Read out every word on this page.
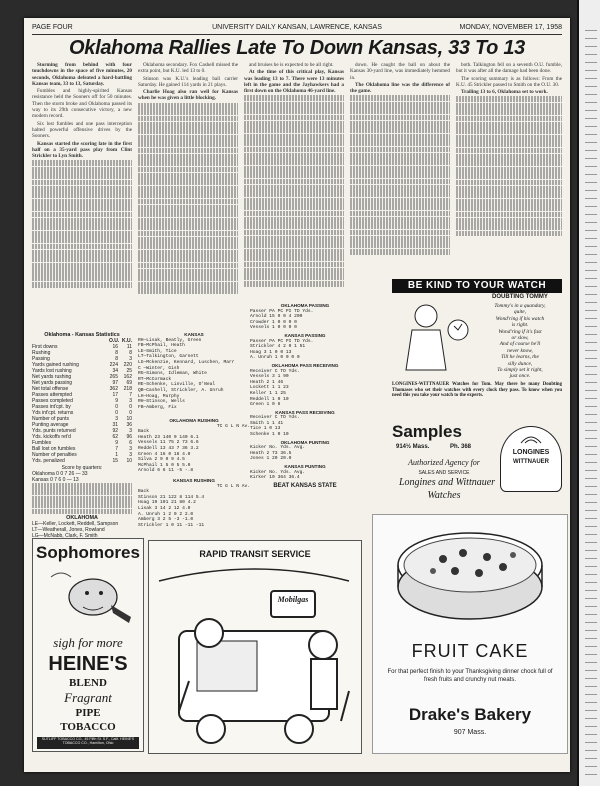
PAGE FOUR	UNIVERSITY DAILY KANSAN, LAWRENCE, KANSAS	MONDAY, NOVEMBER 17, 1958
Oklahoma Rallies Late To Down Kansas, 33 To 13

Storming from behind with four touchdowns in the space of five minutes, 20 seconds, Oklahoma defeated a hard-battling Kansas team, 33 to 13, Saturday.

Fumbles and highly-spirited Kansas resistance held the Sooners off for 50 minutes. Then the storm broke and Oklahoma passed its way to its 29th consecutive victory, a new modern record.

Six lost fumbles and one pass interception halted powerful offensive drives by the Sooners.

Kansas started the scoring late in the first half on a 35-yard pass play from Clint Strickler to Lyn Smith.

Oklahoma secondary. Fox Cashell missed the extra point, but K.U. led 13 to 0.

Stinson was K.U.'s leading ball carrier Saturday. He gained 114 yards in 21 plays.

Charlie Hoag also ran well for Kansas when he was given a little blocking.

and bruises he is expected to be all right.

At the time of this critical play, Kansas was leading 13 to 7. There were 13 minutes left in the game and the Jayhawkers had a first down on the Oklahoma 46-yard line.

down. He caught the ball on about the Kansas 30-yard line, was immediately hemmed in.

The Oklahoma line was the difference of the game.

both. Talkington fell on a seventh O.U. fumble, but it was after all the damage had been done.

The scoring summary is as follows: From the K.U. 45 Strickler passed to Smith on the O.U. 30.

Trailing 13 to 6, Oklahoma set to work.

Oklahoma - Kansas Statistics
O.U. K.U.
First downs	16 11
Rushing	8 8
Passing	8 3
Yards gained rushing	224 220
Yards lost rushing	34 25
Net yards rushing	265 162
Net yards passing	97 69
Net total offense	362 218
Passes attempted	17 7
Passes completed	9 3
Passes int'cpt. by	0 0
Yds int'cpt. returns	0 0
Number of punts	3 10
Punting average	31 36
Yds. punts returned	92 3
Yds. kickoffs ret'd	62 96
Fumbles	9 6
Ball lost on fumbles	7 3
Number of penalties	1 3
Yds. penalized	15 10
Score by quarters:
Oklahoma 0 0 7 26 — 33
Kansas 0 7 6 0 — 13
OKLAHOMA
LE—Keller, Lockett, Reddell, Sampson
LT—Weatherall, Jones, Rowland
LG—McNabb, Clark, F. Smith
KANSAS
RH—Lisak, Beatly, Green
FB—McPhail, Heath
LE—Smith, Tice
LT—Talkington, Garnett
LG—Mckenzie, Kennard, Luschen, Marr
C —Winter, Gish
RG—Simons, Idleman, White
RT—McCormack
RE—Schenke, Linville, O'Neal
QB—Cashell, Strickler, A. Unruh
LH—Hoag, Murphy
RH—Stinson, Wells
FB—Amberg, Fix
OKLAHOMA RUSHING
TC G L N Av.
Back
Heath 23 140 0 140 6.1
Vessels 11 75 2 73 6.6
Reddell 13 43 7 36 3.2
Green 4 16 0 16 4.0
Silva 2 9 0 9 4.5
McPhail 1 5 0 5 5.0
Arnold 6 6 11 -5 -.8
KANSAS RUSHING
TC G L N Av.
Back
Stinson 21 122 8 114 5.4
Hoag 19 101 21 80 4.2
Lisak 3 14 2 12 4.0
A. Unruh 1 2 0 2 2.0
Amberg 3 2 5 -3 -1.0
Strickler 1 0 11 -11 -11
OKLAHOMA PASSING
Passer PA PC PI TD Yds.
Arnold 15 9 0 4 200
Crowder 1 0 0 0 0
Vessels 1 0 0 0 0
KANSAS PASSING
Passer PA PC PI TD Yds.
Strickler 4 2 0 1 51
Hoag 3 1 0 0 13
A. Unruh 1 0 0 0 0
OKLAHOMA PASS RECEIVING
Receiver C TD Yds.
Vessels 3 1 90
Heath 2 1 46
Lockett 1 1 23
Keller 1 1 25
Reddell 1 0 10
Green 1 0 6
KANSAS PASS RECEIVING
Receiver C TD Yds.
Smith 1 1 41
Tice 1 0 13
Schenke 1 0 10
OKLAHOMA PUNTING
Kicker No. Yds. Avg.
Heath 2 73 36.5
Jones 1 20 20.0
KANSAS PUNTING
Kicker No. Yds. Avg.
Kirker 10 364 36.4
BEAT KANSAS STATE
Sophomores
sigh for more
HEINE'S
BLEND
Fragrant
PIPE
TOBACCO
SUTLIFF TOBACCO CO., 45 Fifth St. S.F., Calif. HEINE'S TOBACCO CO., Hamilton, Ohio
RAPID TRANSIT SERVICE
Mobilgas
BE KIND TO YOUR WATCH
DOUBTING TOMMY
Tommy's in a quandary,
quite,
Wond'ring if his watch
is right.
Wond'ring if it's fast
or slow,
And of course he'll
never know,
Till he learns, the
silly dunce,
To simply set it right,
just once.
LONGINES-WITTNAUER Watches for Tom. May there be many Doubting Thomases who set their watches with every clock they pass. To know when you need this you take your watch to the experts.
Samples
914½ Mass.	Ph. 368
Authorized Agency for
SALES AND SERVICE
Longines and Wittnauer
Watches
LONGINES
WITTNAUER
FRUIT CAKE
For that perfect finish to your Thanksgiving dinner chock full of fresh fruits and crunchy nut meats.
Drake's Bakery
907 Mass.
